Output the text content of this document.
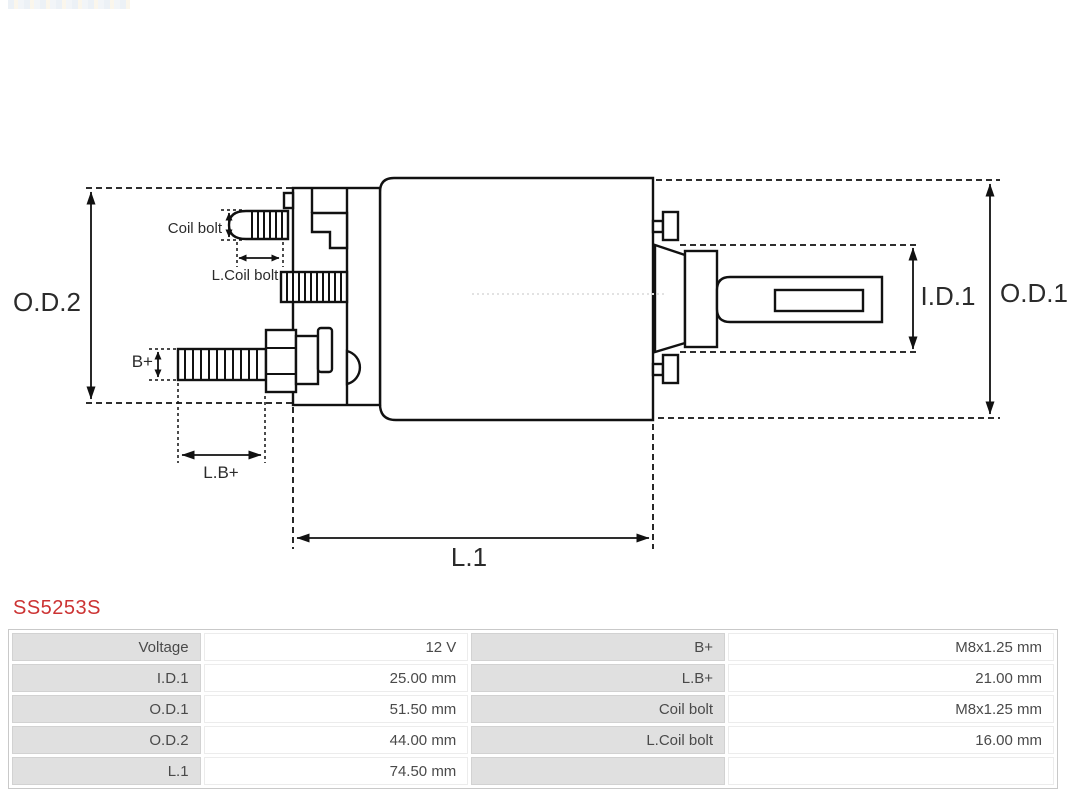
O.D.2	O.D.1
I.D.1
L.1
Coil bolt
L.Coil bolt
B+
L.B+
SS5253S
Voltage	12 V	B+	M8x1.25 mm
I.D.1	25.00 mm	L.B+	21.00 mm
O.D.1	51.50 mm	Coil bolt	M8x1.25 mm
O.D.2	44.00 mm	L.Coil bolt	16.00 mm
L.1	74.50 mm		
